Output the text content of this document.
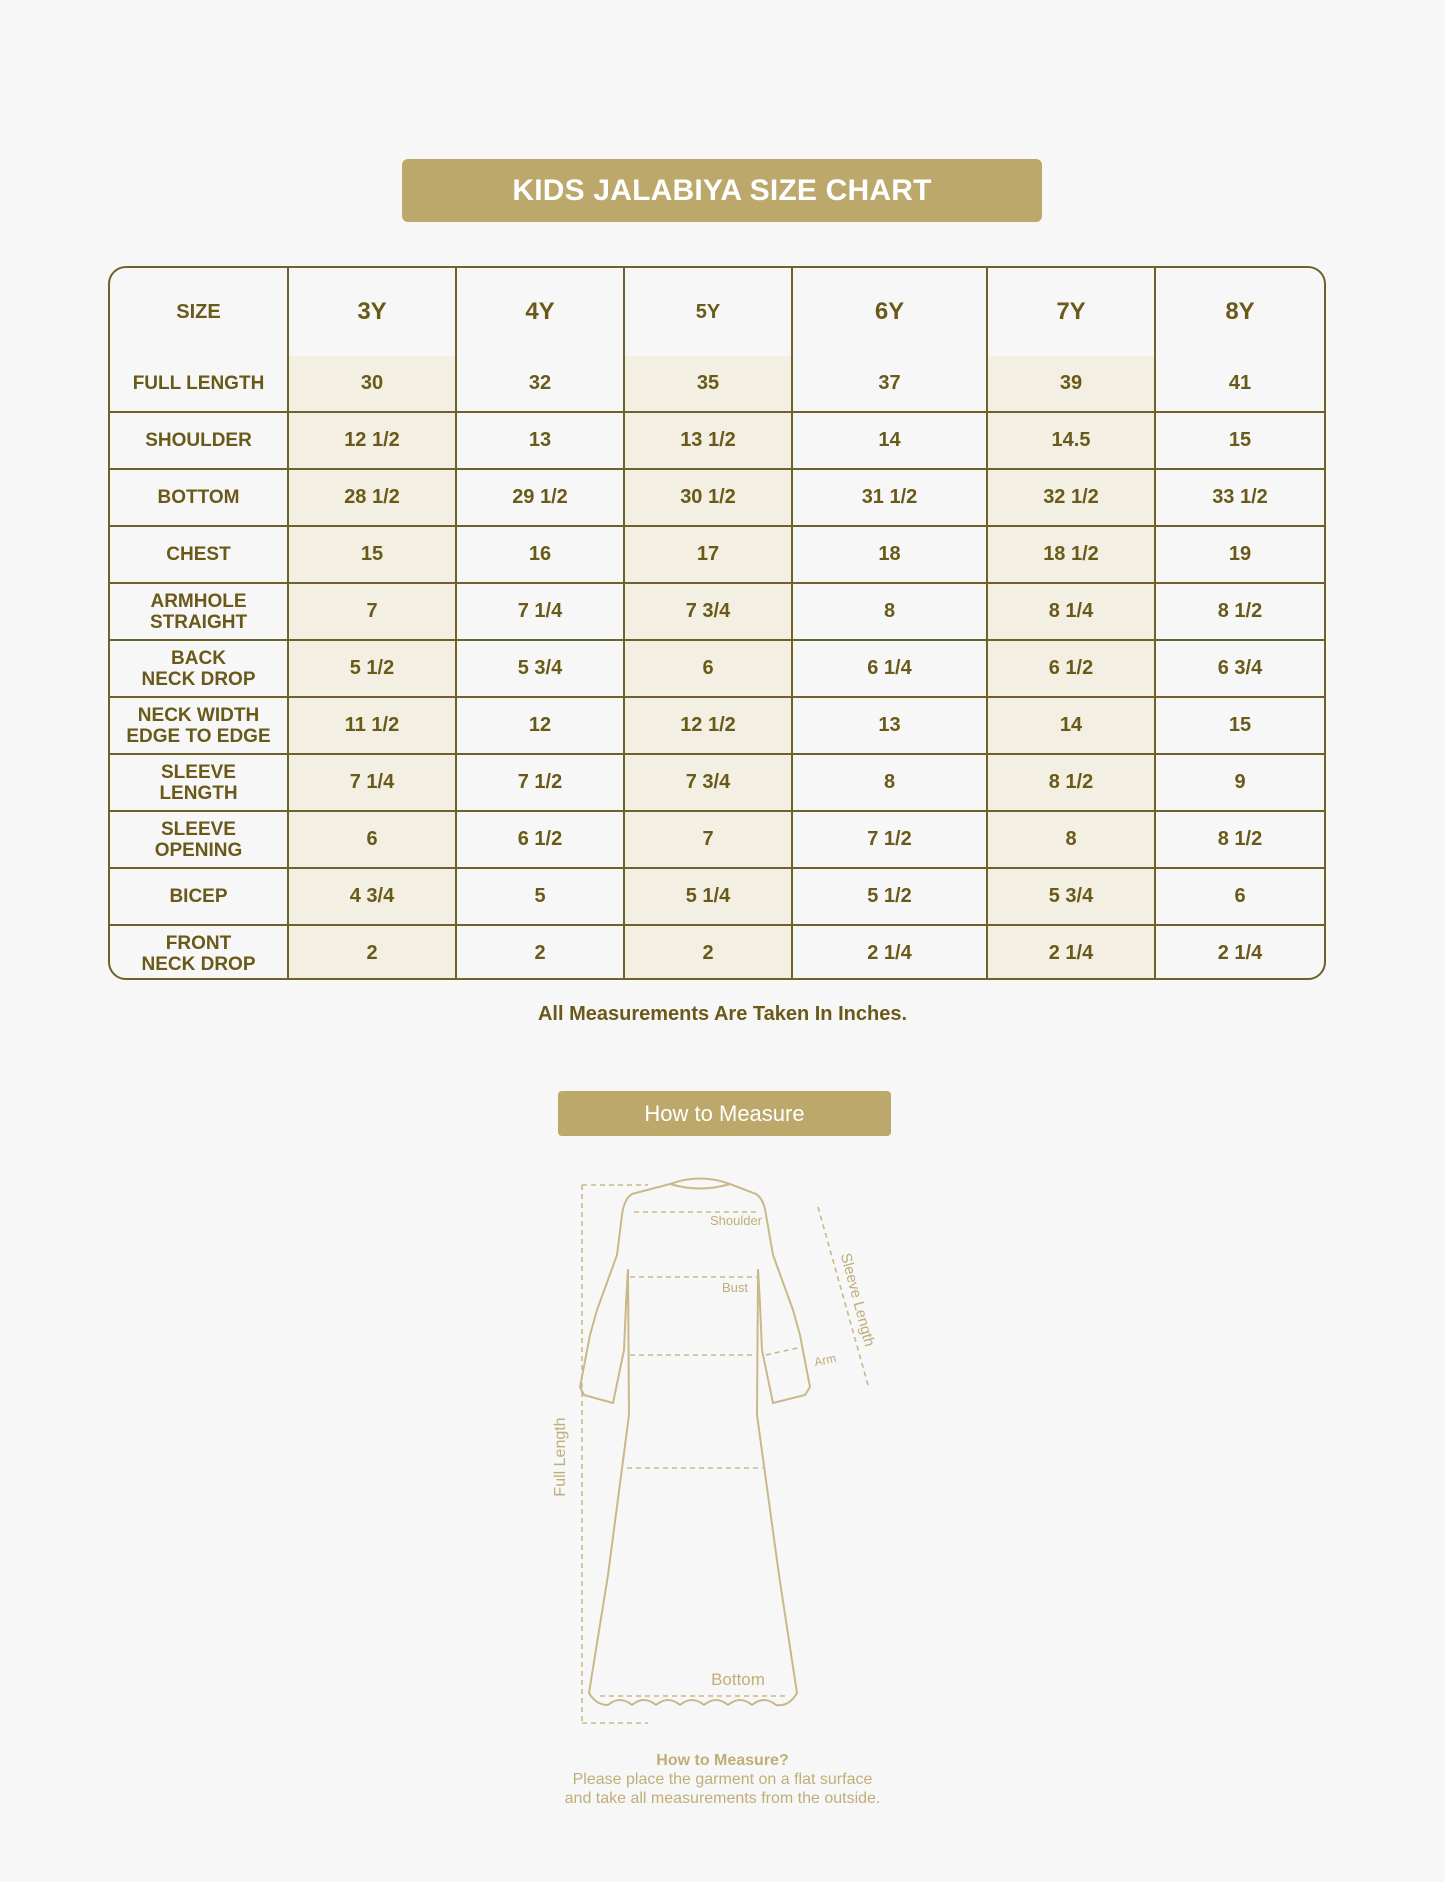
KIDS JALABIYA SIZE CHART
SIZE	3Y	4Y	5Y	6Y	7Y	8Y

FULL LENGTH	30	32	35	37	39	41

SHOULDER	12 1/2	13	13 1/2	14	14.5	15

BOTTOM	28 1/2	29 1/2	30 1/2	31 1/2	32 1/2	33 1/2

CHEST	15	16	17	18	18 1/2	19

ARMHOLE
STRAIGHT	7	7 1/4	7 3/4	8	8 1/4	8 1/2

BACK
NECK DROP	5 1/2	5 3/4	6	6 1/4	6 1/2	6 3/4

NECK WIDTH
EDGE TO EDGE	11 1/2	12	12 1/2	13	14	15

SLEEVE
LENGTH	7 1/4	7 1/2	7 3/4	8	8 1/2	9

SLEEVE
OPENING	6	6 1/2	7	7 1/2	8	8 1/2

BICEP	4 3/4	5	5 1/4	5 1/2	5 3/4	6

FRONT
NECK DROP	2	2	2	2 1/4	2 1/4	2 1/4
All Measurements Are Taken In Inches.
How to Measure
Shoulder
Bust
Arm
Sleeve Length
Full Length
Bottom
How to Measure?
Please place the garment on a flat surface
and take all measurements from the outside.
